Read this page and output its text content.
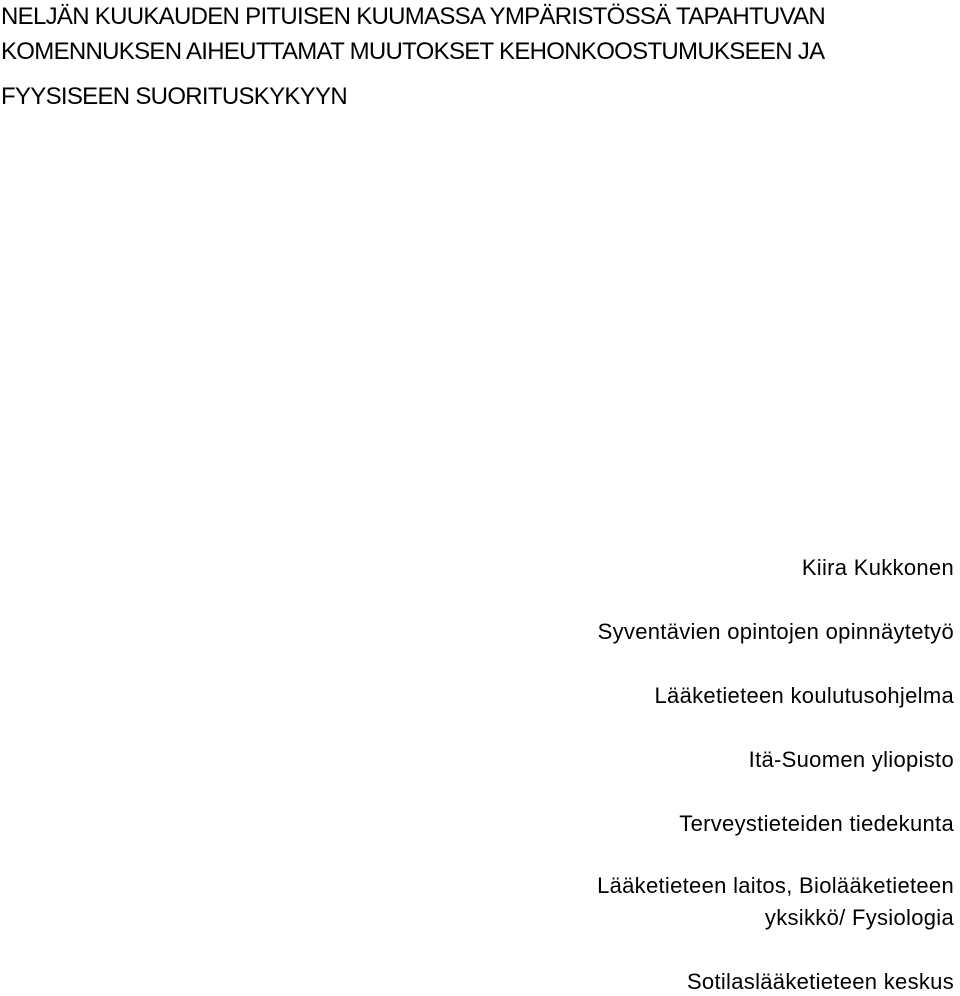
NELJÄN KUUKAUDEN PITUISEN KUUMASSA YMPÄRISTÖSSÄ TAPAHTUVAN
KOMENNUKSEN AIHEUTTAMAT MUUTOKSET KEHONKOOSTUMUKSEEN JA
FYYSISEEN SUORITUSKYKYYN
Kiira Kukkonen
Syventävien opintojen opinnäytetyö
Lääketieteen koulutusohjelma
Itä-Suomen yliopisto
Terveystieteiden tiedekunta
Lääketieteen laitos, Biolääketieteen
yksikkö/ Fysiologia
Sotilaslääketieteen keskus
